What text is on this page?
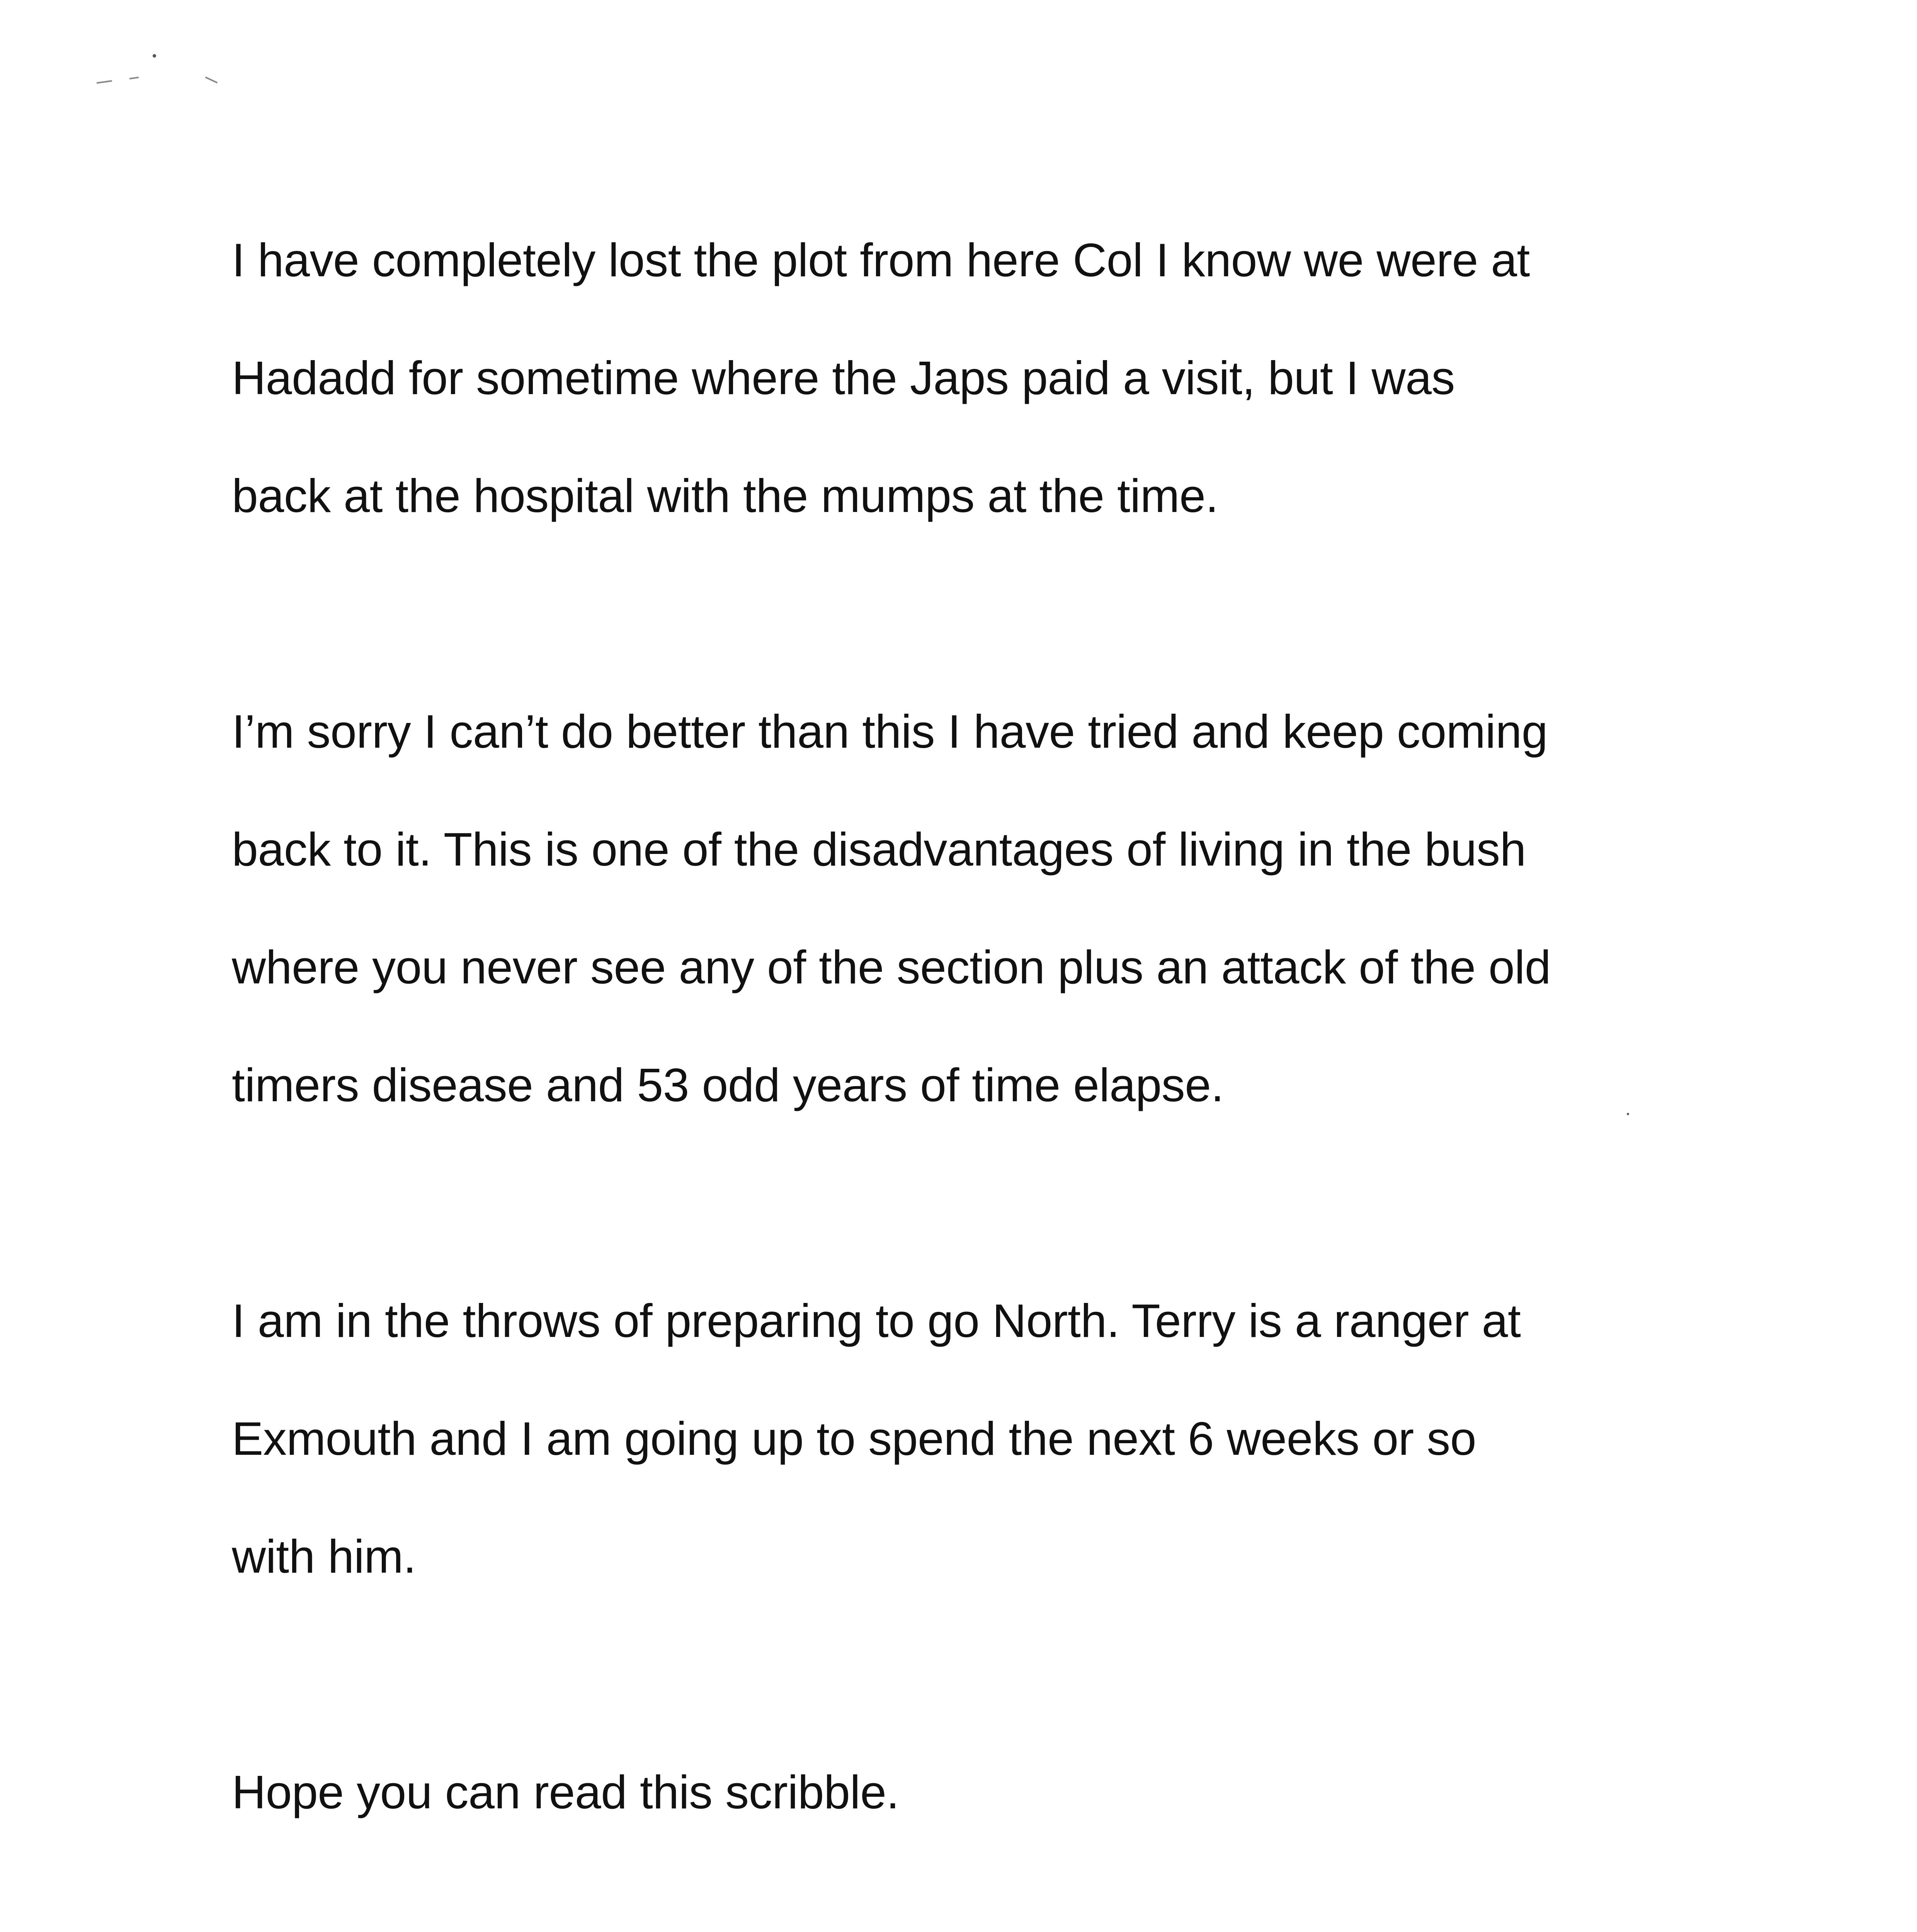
I have completely lost the plot from here Col I know we were at

Hadadd for sometime where the Japs paid a visit, but I was

back at the hospital with the mumps at the time.

I’m sorry I can’t do better than this I have tried and keep coming

back to it. This is one of the disadvantages of living in the bush

where you never see any of the section plus an attack of the old

timers disease and 53 odd years of time elapse.

I am in the throws of preparing to go North. Terry is a ranger at

Exmouth and I am going up to spend the next 6 weeks or so

with him.

Hope you can read this scribble.
